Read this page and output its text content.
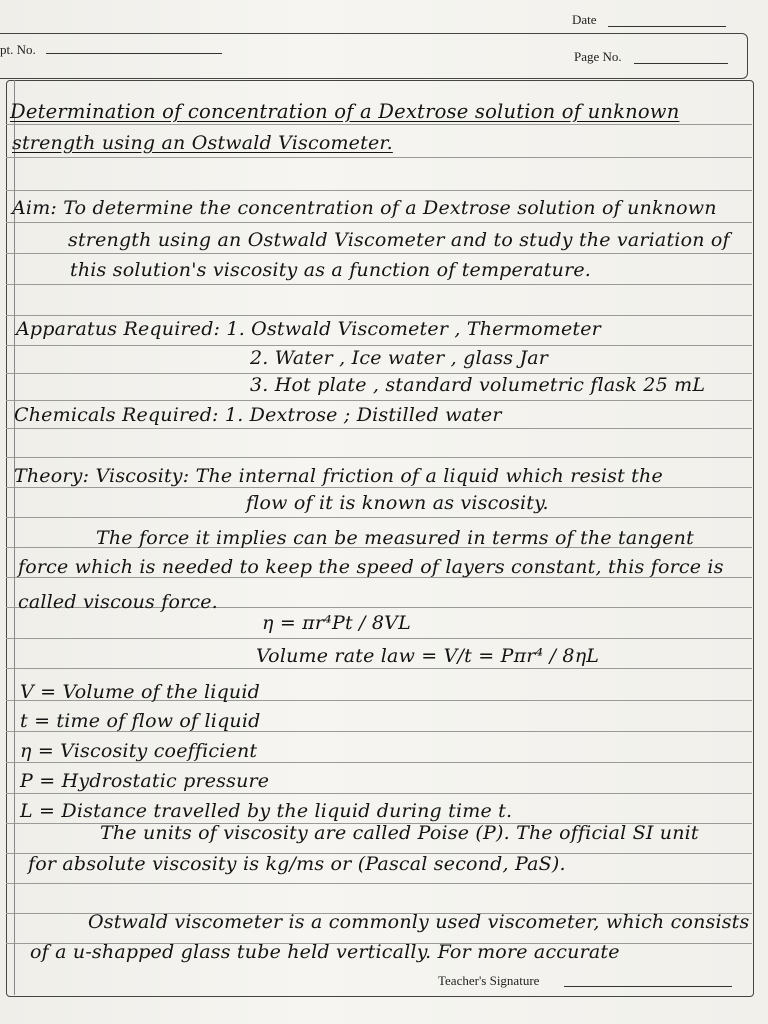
Date
pt. No.	Page No.
Determination of concentration of a Dextrose solution of unknown
strength using an Ostwald Viscometer.
Aim: To determine the concentration of a Dextrose solution of unknown
strength using an Ostwald Viscometer and to study the variation of
this solution's viscosity as a function of temperature.
Apparatus Required: 1. Ostwald Viscometer , Thermometer
2. Water , Ice water , glass Jar
3. Hot plate , standard volumetric flask 25 mL
Chemicals Required: 1. Dextrose ; Distilled water
Theory: Viscosity: The internal friction of a liquid which resist the
flow of it is known as viscosity.
The force it implies can be measured in terms of the tangent
force which is needed to keep the speed of layers constant, this force is
called viscous force.
η = πr⁴Pt / 8VL
Volume rate law = V/t = Pπr⁴ / 8ηL
V = Volume of the liquid
t = time of flow of liquid
η = Viscosity coefficient
P = Hydrostatic pressure
L = Distance travelled by the liquid during time t.
The units of viscosity are called Poise (P). The official SI unit
for absolute viscosity is kg/ms or (Pascal second, PaS).
Ostwald viscometer is a commonly used viscometer, which consists
of a u-shapped glass tube held vertically. For more accurate
Teacher's Signature
